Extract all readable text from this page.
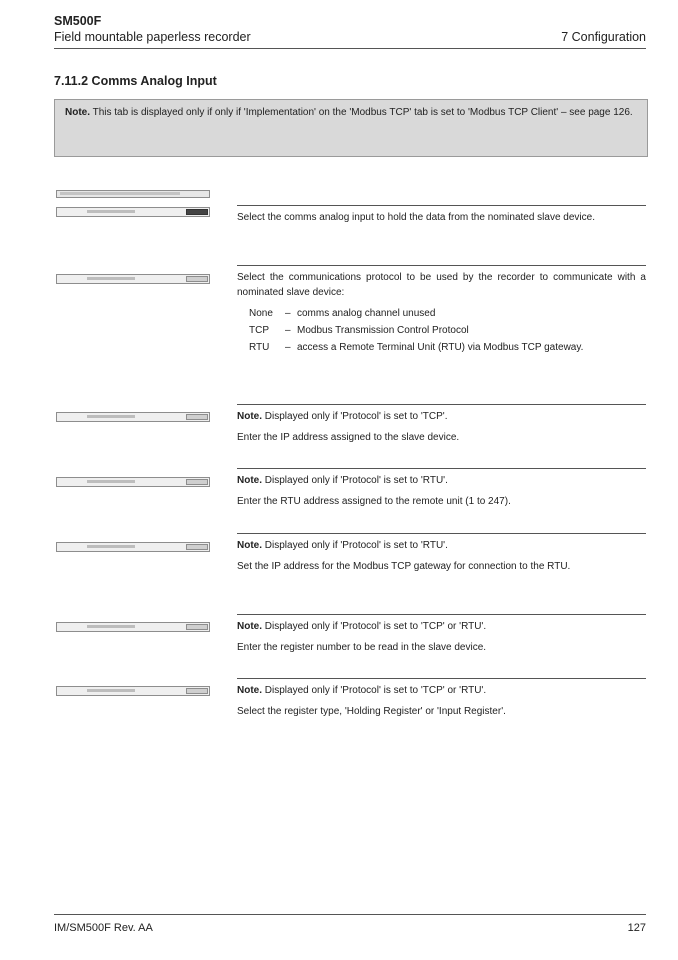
SM500F
Field mountable paperless recorder	7 Configuration
7.11.2 Comms Analog Input
Note. This tab is displayed only if only if 'Implementation' on the 'Modbus TCP' tab is set to 'Modbus TCP Client' – see page 126.

Select the comms analog input to hold the data from the nominated slave device.

Select the communications protocol to be used by the recorder to communicate with a nominated slave device:

None	– comms analog channel unused
TCP	– Modbus Transmission Control Protocol
RTU	– access a Remote Terminal Unit (RTU) via Modbus TCP gateway.

Note. Displayed only if 'Protocol' is set to 'TCP'.

Enter the IP address assigned to the slave device.

Note. Displayed only if 'Protocol' is set to 'RTU'.

Enter the RTU address assigned to the remote unit (1 to 247).

Note. Displayed only if 'Protocol' is set to 'RTU'.

Set the IP address for the Modbus TCP gateway for connection to the RTU.

Note. Displayed only if 'Protocol' is set to 'TCP' or 'RTU'.

Enter the register number to be read in the slave device.

Note. Displayed only if 'Protocol' is set to 'TCP' or 'RTU'.

Select the register type, 'Holding Register' or 'Input Register'.

IM/SM500F Rev. AA	127
